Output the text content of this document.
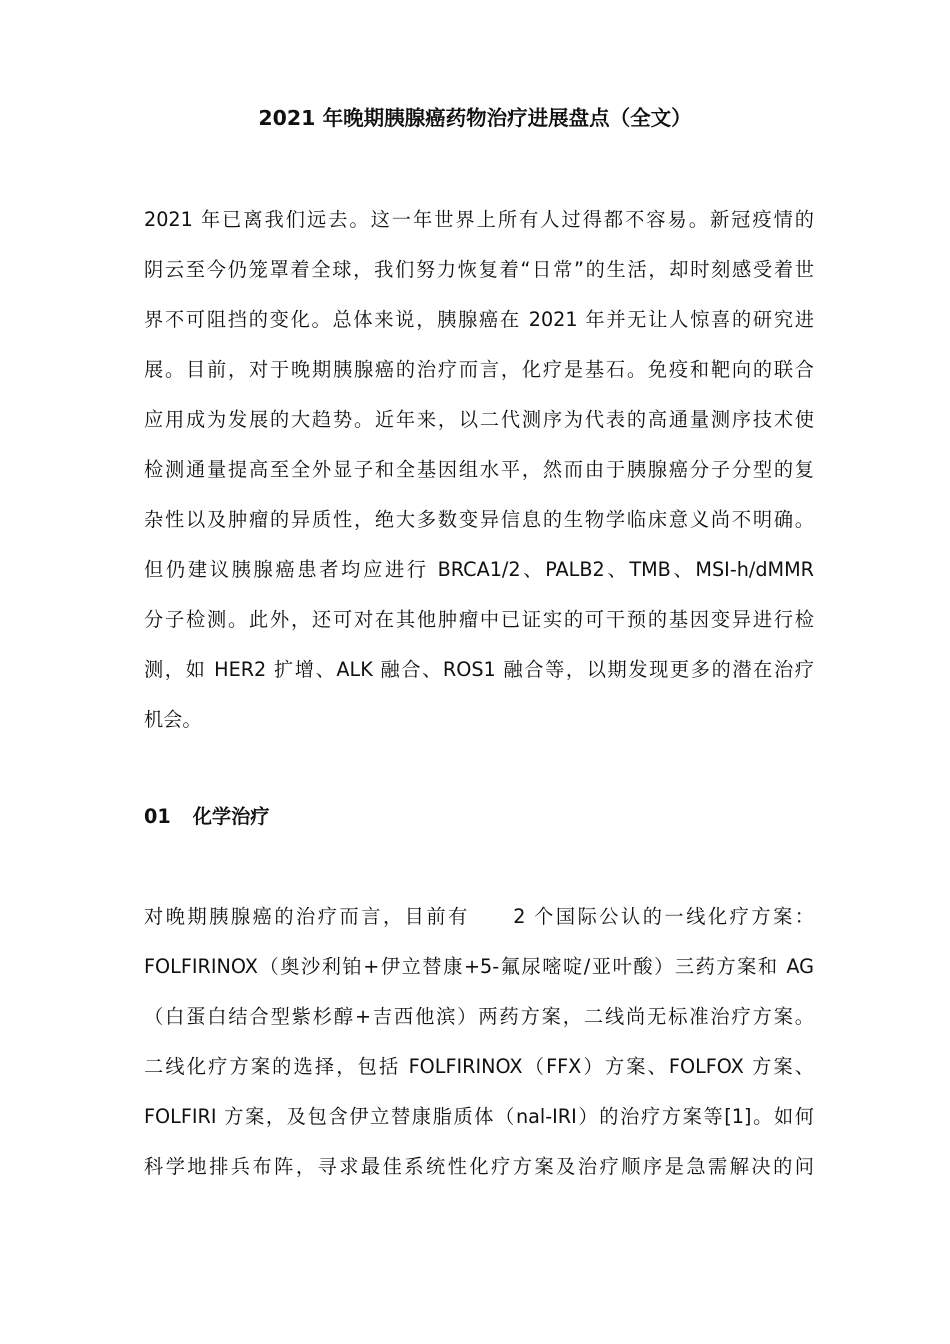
2021 年晚期胰腺癌药物治疗进展盘点（全文）
2021 年已离我们远去。这一年世界上所有人过得都不容易。新冠疫情的
阴云至今仍笼罩着全球，我们努力恢复着“日常”的生活，却时刻感受着世
界不可阻挡的变化。总体来说，胰腺癌在 2021 年并无让人惊喜的研究进
展。目前，对于晚期胰腺癌的治疗而言，化疗是基石。免疫和靶向的联合
应用成为发展的大趋势。近年来，以二代测序为代表的高通量测序技术使
检测通量提高至全外显子和全基因组水平，然而由于胰腺癌分子分型的复
杂性以及肿瘤的异质性，绝大多数变异信息的生物学临床意义尚不明确。
但仍建议胰腺癌患者均应进行 BRCA1/2、PALB2、TMB、MSI-h/dMMR
分子检测。此外，还可对在其他肿瘤中已证实的可干预的基因变异进行检
测，如 HER2 扩增、ALK 融合、ROS1 融合等，以期发现更多的潜在治疗
机会。
01 化学治疗
对晚期胰腺癌的治疗而言，目前有　　2 个国际公认的一线化疗方案：
FOLFIRINOX（奥沙利铂+伊立替康+5-氟尿嘧啶/亚叶酸）三药方案和 AG
（白蛋白结合型紫杉醇+吉西他滨）两药方案，二线尚无标准治疗方案。
二线化疗方案的选择，包括 FOLFIRINOX（FFX）方案、FOLFOX 方案、
FOLFIRI 方案，及包含伊立替康脂质体（nal-IRI）的治疗方案等[1]。如何
科学地排兵布阵，寻求最佳系统性化疗方案及治疗顺序是急需解决的问
